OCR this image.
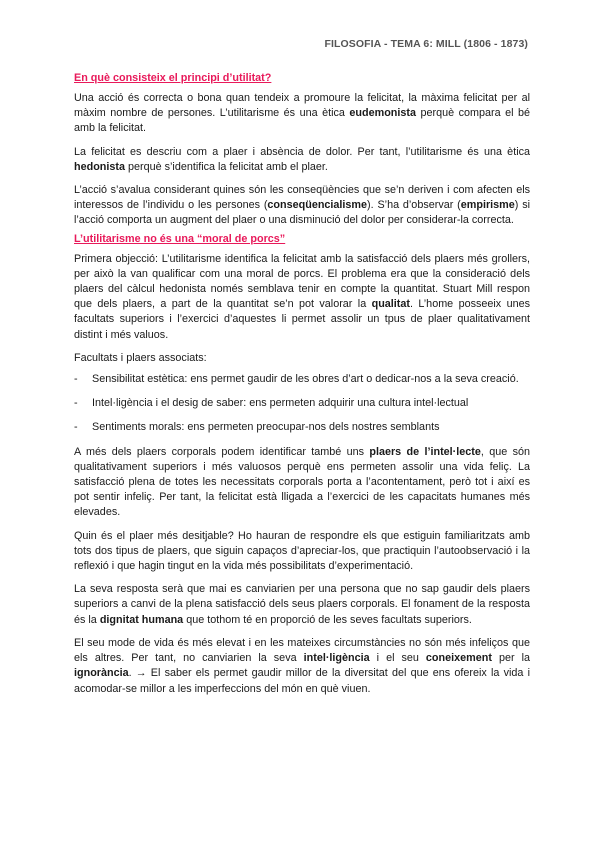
FILOSOFIA - TEMA 6: MILL (1806 - 1873)
En què consisteix el principi d’utilitat?

Una acció és correcta o bona quan tendeix a promoure la felicitat, la màxima felicitat per al màxim nombre de persones. L’utilitarisme és una ètica eudemonista perquè compara el bé amb la felicitat.

La felicitat es descriu com a plaer i absència de dolor. Per tant, l’utilitarisme és una ètica hedonista perquè s’identifica la felicitat amb el plaer.

L’acció s’avalua considerant quines són les conseqüències que se’n deriven i com afecten els interessos de l’individu o les persones (conseqüencialisme). S’ha d’observar (empirisme) si l’acció comporta un augment del plaer o una disminució del dolor per considerar-la correcta.

L’utilitarisme no és una “moral de porcs”

Primera objecció: L’utilitarisme identifica la felicitat amb la satisfacció dels plaers més grollers, per això la van qualificar com una moral de porcs. El problema era que la consideració dels plaers del càlcul hedonista només semblava tenir en compte la quantitat. Stuart Mill respon que dels plaers, a part de la quantitat se’n pot valorar la qualitat. L’home posseeix unes facultats superiors i l’exercici d’aquestes li permet assolir un tpus de plaer qualitativament distint i més valuos.

Facultats i plaers associats:

- Sensibilitat estètica: ens permet gaudir de les obres d’art o dedicar-nos a la seva creació.
- Intel·ligència i el desig de saber: ens permeten adquirir una cultura intel·lectual
- Sentiments morals: ens permeten preocupar-nos dels nostres semblants

A més dels plaers corporals podem identificar també uns plaers de l’intel·lecte, que són qualitativament superiors i més valuosos perquè ens permeten assolir una vida feliç. La satisfacció plena de totes les necessitats corporals porta a l’acontentament, però tot i així es pot sentir infeliç. Per tant, la felicitat està lligada a l’exercici de les capacitats humanes més elevades.

Quin és el plaer més desitjable? Ho hauran de respondre els que estiguin familiaritzats amb tots dos tipus de plaers, que siguin capaços d’apreciar-los, que practiquin l’autoobservació i la reflexió i que hagin tingut en la vida més possibilitats d’experimentació.

La seva resposta serà que mai es canviarien per una persona que no sap gaudir dels plaers superiors a canvi de la plena satisfacció dels seus plaers corporals. El fonament de la resposta és la dignitat humana que tothom té en proporció de les seves facultats superiors.

El seu mode de vida és més elevat i en les mateixes circumstàncies no són més infeliços que els altres. Per tant, no canviarien la seva intel·ligència i el seu coneixement per la ignorància. → El saber els permet gaudir millor de la diversitat del que ens ofereix la vida i acomodar-se millor a les imperfeccions del món en què viuen.
